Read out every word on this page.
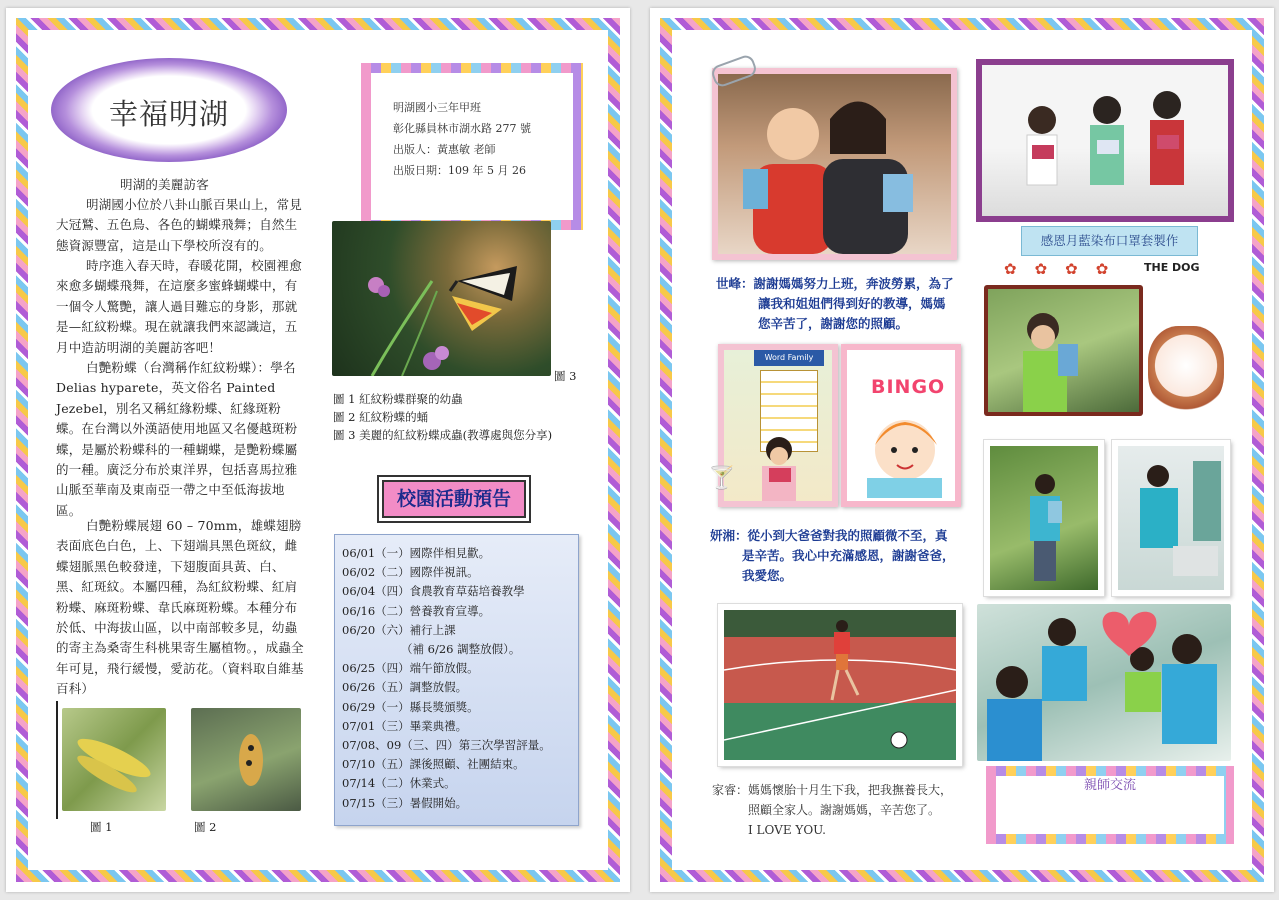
幸福明湖	明湖國小三年甲班
彰化縣員林市湖水路 277 號
出版人：黃惠敏 老師
出版日期：109 年 5 月 26
明湖的美麗訪客
明湖國小位於八卦山脈百果山上，常見大冠鷲、五色鳥、各色的蝴蝶飛舞；自然生態資源豐富，這是山下學校所沒有的。
時序進入春天時，春暖花開，校園裡愈來愈多蝴蝶飛舞，在這麼多蜜蜂蝴蝶中，有一個令人驚艷，讓人過目難忘的身影，那就是—紅紋粉蝶。現在就讓我們來認識這，五月中造訪明湖的美麗訪客吧！
白艷粉蝶（台灣稱作紅紋粉蝶）：學名 Delias hyparete，英文俗名 Painted Jezebel，別名又稱紅緣粉蝶、紅緣斑粉蝶。在台灣以外漢語使用地區又名優越斑粉蝶，是屬於粉蝶科的一種蝴蝶，是艷粉蝶屬的一種。廣泛分布於東洋界，包括喜馬拉雅山脈至華南及東南亞一帶之中至低海拔地區。
白艷粉蝶展翅 60 – 70mm，雄蝶翅膀表面底色白色，上、下翅端具黑色斑紋，雌蝶翅脈黑色較發達，下翅腹面具黃、白、黑、紅斑紋。本屬四種，為紅紋粉蝶、紅肩粉蝶、麻斑粉蝶、韋氏麻斑粉蝶。本種分布於低、中海拔山區，以中南部較多見，幼蟲的寄主為桑寄生科桃果寄生屬植物。，成蟲全年可見，飛行緩慢，愛訪花。（資料取自維基百科）
圖 3
圖 1 紅紋粉蝶群聚的幼蟲
圖 2 紅紋粉蝶的蛹
圖 3 美麗的紅紋粉蝶成蟲(教導處與您分享)
校園活動預告
06/01（一）國際伴相見歡。
06/02（二）國際伴視訊。
06/04（四）食農教育草菇培養教學
06/16（二）營養教育宣導。
06/20（六）補行上課
（補 6/26 調整放假）。
06/25（四）端午節放假。
06/26（五）調整放假。
06/29（一）縣長獎頒獎。
07/01（三）畢業典禮。
07/08、09（三、四）第三次學習評量。
07/10（五）課後照顧、社團結束。
07/14（二）休業式。
07/15（三）暑假開始。
圖 1	圖 2
感恩月藍染布口罩套製作
世峰：謝謝媽媽努力上班，奔波勞累，為了
讓我和姐姐們得到好的教導，媽媽
您辛苦了，謝謝您的照顧。
✿✿✿✿ THE DOG
Word Family
BINGO
🍸
妍湘：從小到大爸爸對我的照顧微不至，真
是辛苦。我心中充滿感恩，謝謝爸爸，
我愛您。
家睿：媽媽懷胎十月生下我，把我撫養長大，
照顧全家人。謝謝媽媽，辛苦您了。
I LOVE YOU.
親師交流
